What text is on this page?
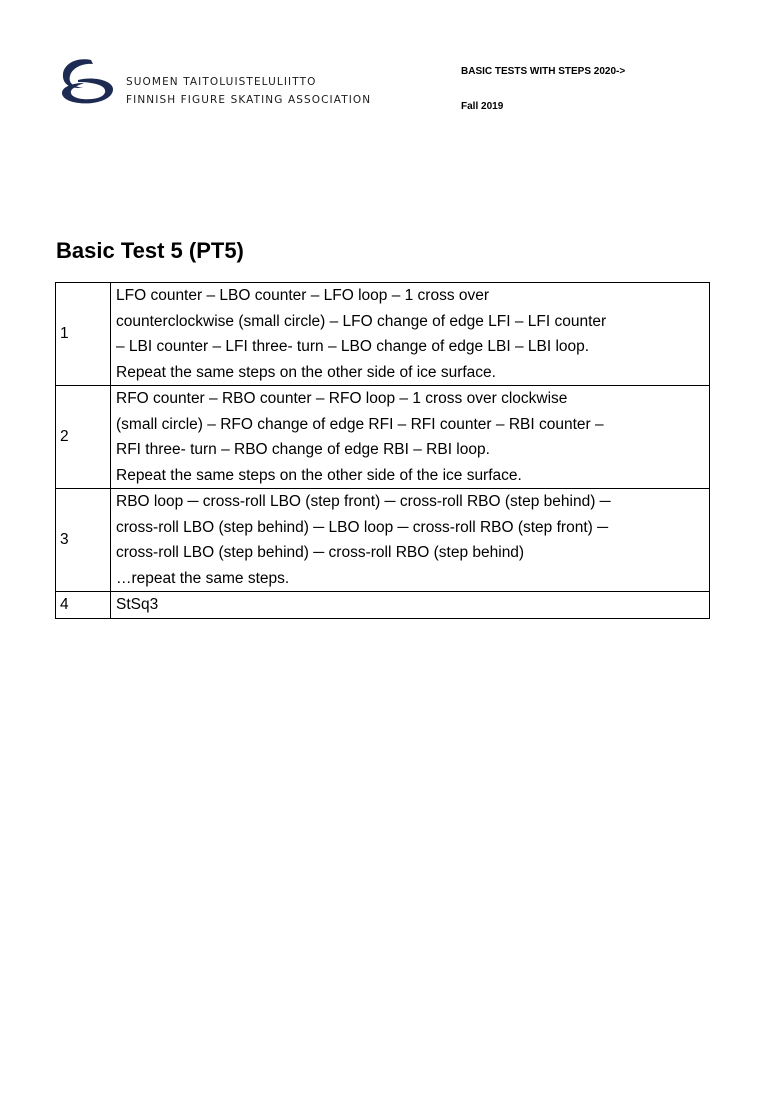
SUOMEN TAITOLUISTELULIITTO
FINNISH FIGURE SKATING ASSOCIATION
BASIC TESTS WITH STEPS 2020->
Fall 2019
Basic Test 5 (PT5)
1	LFO counter – LBO counter – LFO loop – 1 cross over
counterclockwise (small circle) – LFO change of edge LFI – LFI counter
– LBI counter – LFI three- turn – LBO change of edge LBI – LBI loop.
Repeat the same steps on the other side of ice surface.

2	RFO counter – RBO counter – RFO loop – 1 cross over clockwise
(small circle) – RFO change of edge RFI – RFI counter – RBI counter –
RFI three- turn – RBO change of edge RBI – RBI loop.
Repeat the same steps on the other side of the ice surface.

3	RBO loop ─ cross-roll LBO (step front) ─ cross-roll RBO (step behind) ─
cross-roll LBO (step behind) ─ LBO loop ─ cross-roll RBO (step front) ─
cross-roll LBO (step behind) ─ cross-roll RBO (step behind)
…repeat the same steps.

4	StSq3
